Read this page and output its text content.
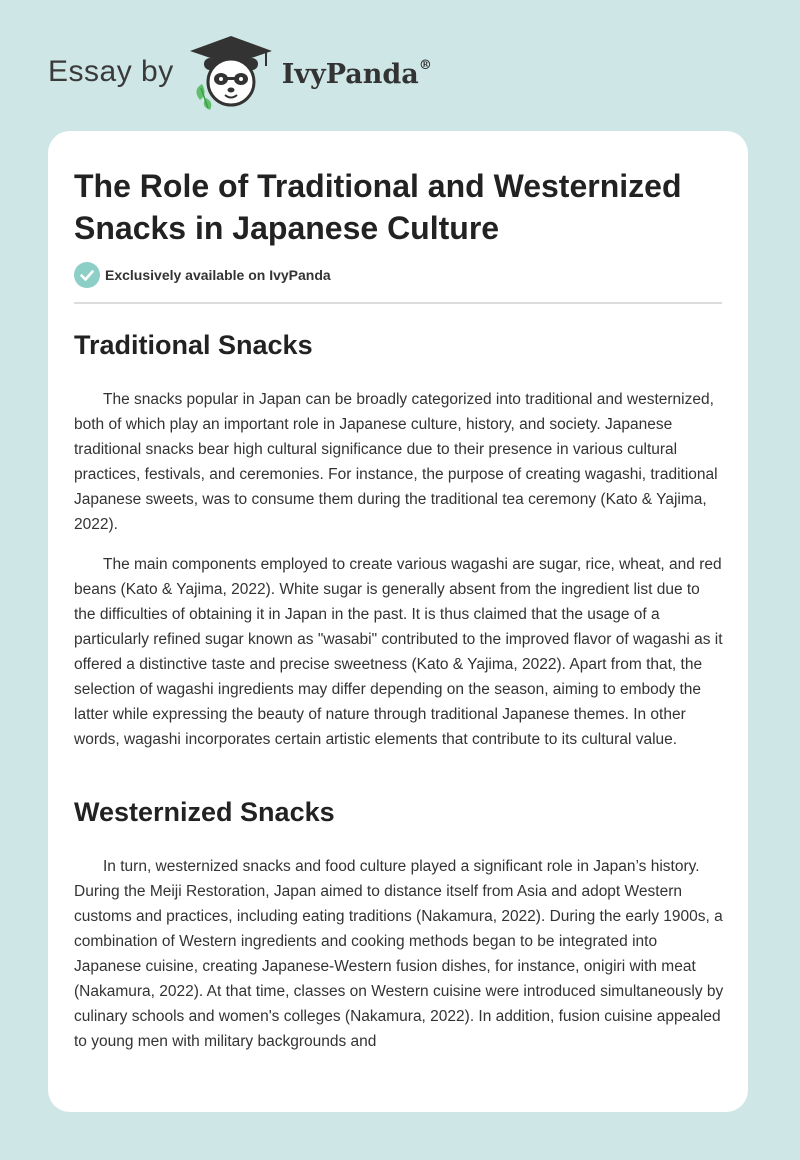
Essay by	IvyPanda®
The Role of Traditional and Westernized Snacks in Japanese Culture
Exclusively available on IvyPanda
Traditional Snacks

The snacks popular in Japan can be broadly categorized into traditional and westernized, both of which play an important role in Japanese culture, history, and society. Japanese traditional snacks bear high cultural significance due to their presence in various cultural practices, festivals, and ceremonies. For instance, the purpose of creating wagashi, traditional Japanese sweets, was to consume them during the traditional tea ceremony (Kato & Yajima, 2022).

The main components employed to create various wagashi are sugar, rice, wheat, and red beans (Kato & Yajima, 2022). White sugar is generally absent from the ingredient list due to the difficulties of obtaining it in Japan in the past. It is thus claimed that the usage of a particularly refined sugar known as "wasabi" contributed to the improved flavor of wagashi as it offered a distinctive taste and precise sweetness (Kato & Yajima, 2022). Apart from that, the selection of wagashi ingredients may differ depending on the season, aiming to embody the latter while expressing the beauty of nature through traditional Japanese themes. In other words, wagashi incorporates certain artistic elements that contribute to its cultural value.

Westernized Snacks

In turn, westernized snacks and food culture played a significant role in Japan’s history. During the Meiji Restoration, Japan aimed to distance itself from Asia and adopt Western customs and practices, including eating traditions (Nakamura, 2022). During the early 1900s, a combination of Western ingredients and cooking methods began to be integrated into Japanese cuisine, creating Japanese-Western fusion dishes, for instance, onigiri with meat (Nakamura, 2022). At that time, classes on Western cuisine were introduced simultaneously by culinary schools and women's colleges (Nakamura, 2022). In addition, fusion cuisine appealed to young men with military backgrounds and
